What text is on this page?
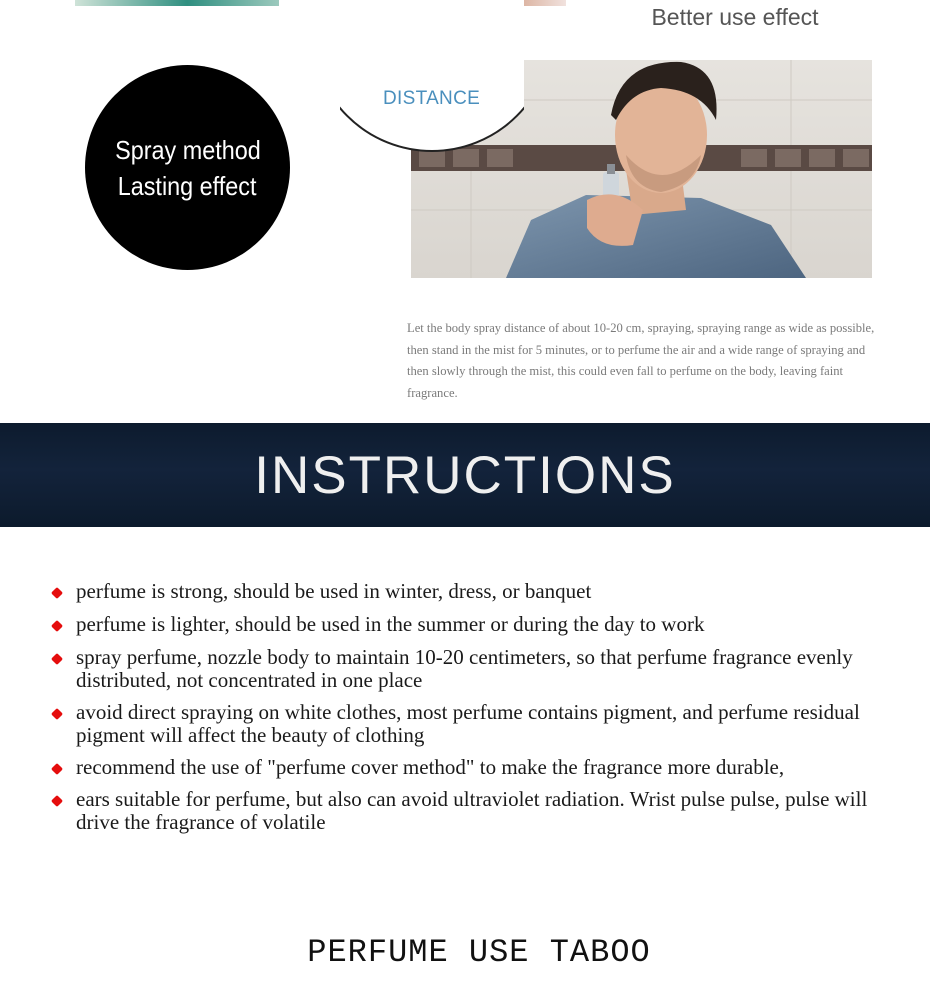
Better use effect
Spray method
Lasting effect
DISTANCE
Let the body spray distance of about 10-20 cm, spraying, spraying range as wide as possible, then stand in the mist for 5 minutes, or to perfume the air and a wide range of spraying and then slowly through the mist, this could even fall to perfume on the body, leaving faint fragrance.
INSTRUCTIONS
perfume is strong, should be used in winter, dress, or banquet
perfume is lighter, should be used in the summer or during the day to work
spray perfume, nozzle body to maintain 10-20 centimeters, so that perfume fragrance evenly distributed, not concentrated in one place
avoid direct spraying on white clothes, most perfume contains pigment, and perfume residual pigment will affect the beauty of clothing
recommend the use of "perfume cover method" to make the fragrance more durable,
ears suitable for perfume, but also can avoid ultraviolet radiation. Wrist pulse pulse, pulse will drive the fragrance of volatile
PERFUME USE TABOO
